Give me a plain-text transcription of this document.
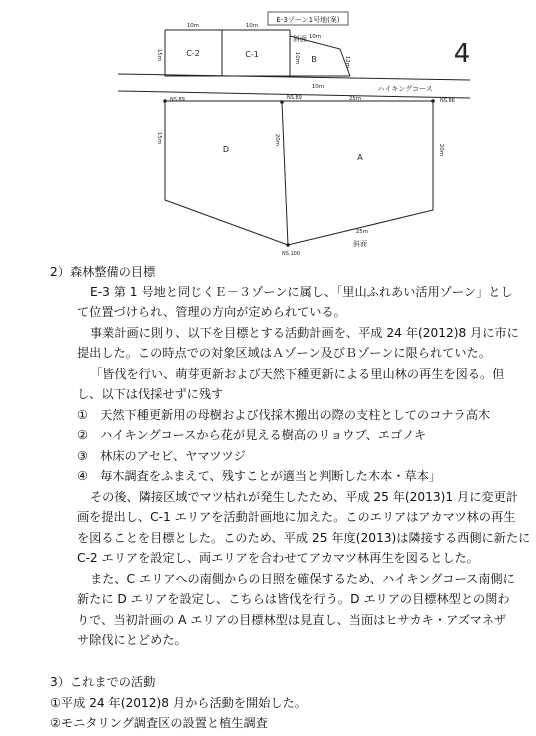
E-3ゾーン1号地(案)
4
斜面
C-2	C-1
B
10m	10m
10m
15m	10m	12m
10m	ハイキングコース
NS.89	NS.89	NS.86
NS.100
D
A
15m	20m
25m
20m
25m
斜面
2）森林整備の目標
E-3 第 1 号地と同じくＥ－３ゾーンに属し、「里山ふれあい活用ゾーン」とし
て位置づけられ、管理の方向が定められている。
事業計画に則り、以下を目標とする活動計画を、平成 24 年(2012)8 月に市に
提出した。この時点での対象区域はＡゾーン及びＢゾーンに限られていた。
「皆伐を行い、萌芽更新および天然下種更新による里山林の再生を図る。但
し、以下は伐採せずに残す
①　天然下種更新用の母樹および伐採木搬出の際の支柱としてのコナラ高木
②　ハイキングコースから花が見える樹高のリョウブ、エゴノキ
③　林床のアセビ、ヤマツツジ
④　毎木調査をふまえて、残すことが適当と判断した木本・草本」
その後、隣接区域でマツ枯れが発生したため、平成 25 年(2013)1 月に変更計
画を提出し、C-1 エリアを活動計画地に加えた。このエリアはアカマツ林の再生
を図ることを目標とした。このため、平成 25 年度(2013)は隣接する西側に新たに
C-2 エリアを設定し、両エリアを合わせてアカマツ林再生を図るとした。
また、C エリアへの南側からの日照を確保するため、ハイキングコース南側に
新たに D エリアを設定し、こちらは皆伐を行う。D エリアの目標林型との関わ
りで、当初計画の A エリアの目標林型は見直し、当面はヒサカキ・アズマネザ
サ除伐にとどめた。
3）これまでの活動
①平成 24 年(2012)8 月から活動を開始した。
②モニタリング調査区の設置と植生調査
